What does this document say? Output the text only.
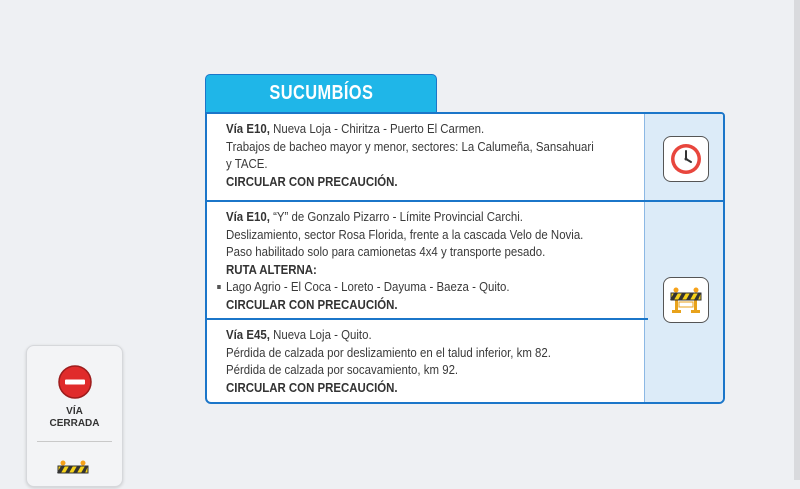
SUCUMBÍOS

Vía E10, Nueva Loja - Chiritza - Puerto El Carmen.

Trabajos de bacheo mayor y menor, sectores: La Calumeña, Sansahuari

y TACE.

CIRCULAR CON PRECAUCIÓN.

Vía E10, “Y” de Gonzalo Pizarro - Límite Provincial Carchi.

Deslizamiento, sector Rosa Florida, frente a la cascada Velo de Novia.

Paso habilitado solo para camionetas 4x4 y transporte pesado.

RUTA ALTERNA:

Lago Agrio - El Coca - Loreto - Dayuma - Baeza - Quito.

CIRCULAR CON PRECAUCIÓN.

Vía E45, Nueva Loja - Quito.

Pérdida de calzada por deslizamiento en el talud inferior, km 82.

Pérdida de calzada por socavamiento, km 92.

CIRCULAR CON PRECAUCIÓN.

VÍA
CERRADA
